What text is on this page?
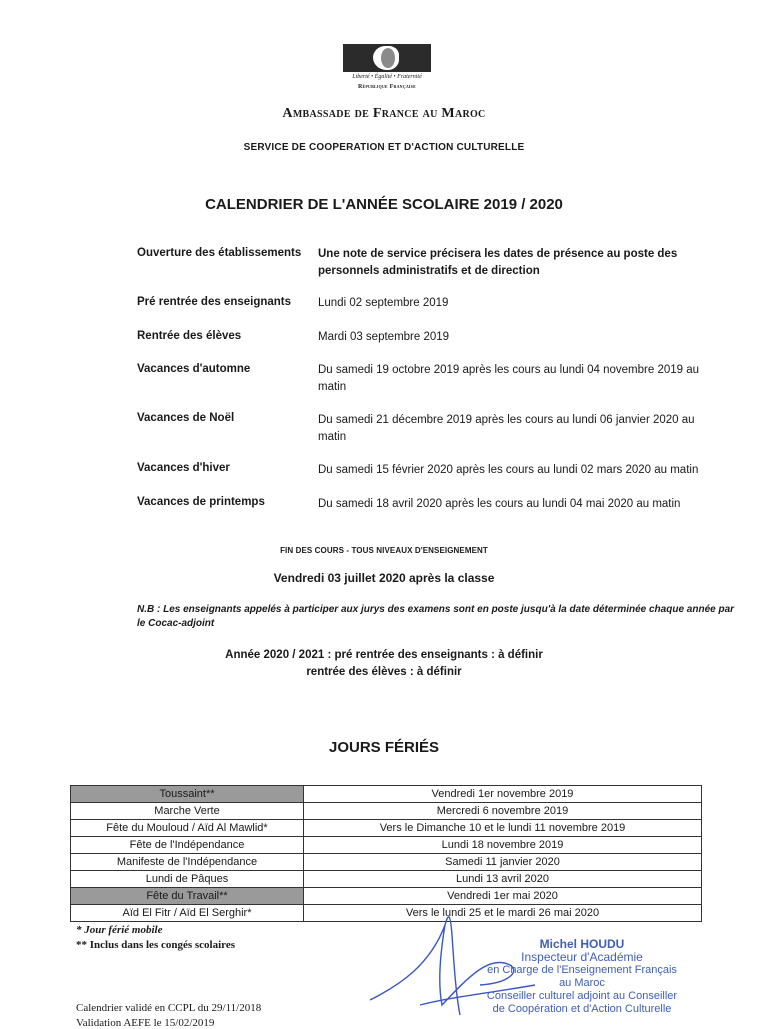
Liberté • Égalité • Fraternité
République Française
Ambassade de France au Maroc
SERVICE DE COOPERATION ET D'ACTION CULTURELLE
CALENDRIER DE L'ANNÉE SCOLAIRE 2019 / 2020
Ouverture des établissements	Une note de service précisera les dates de présence au poste des personnels administratifs et de direction
Pré rentrée des enseignants	Lundi 02 septembre 2019
Rentrée des élèves	Mardi 03 septembre 2019
Vacances d'automne	Du samedi 19 octobre 2019 après les cours au lundi 04 novembre 2019 au matin
Vacances de Noël	Du samedi 21 décembre 2019 après les cours au lundi 06 janvier 2020 au matin
Vacances d'hiver	Du samedi 15 février 2020 après les cours au lundi 02 mars 2020 au matin
Vacances de printemps	Du samedi 18 avril 2020 après les cours au lundi 04 mai 2020 au matin
FIN DES COURS - TOUS NIVEAUX D'ENSEIGNEMENT
Vendredi 03 juillet 2020 après la classe
N.B : Les enseignants appelés à participer aux jurys des examens sont en poste jusqu'à la date déterminée chaque année par le Cocac-adjoint
Année 2020 / 2021 : pré rentrée des enseignants : à définir
rentrée des élèves : à définir
JOURS FÉRIÉS
Toussaint**	Vendredi 1er novembre 2019
Marche Verte	Mercredi 6 novembre 2019
Fête du Mouloud / Aïd Al Mawlid*	Vers le Dimanche 10 et le lundi 11 novembre 2019
Fête de l'Indépendance	Lundi 18 novembre 2019
Manifeste de l'Indépendance	Samedi 11 janvier 2020
Lundi de Pâques	Lundi 13 avril 2020
Fête du Travail**	Vendredi 1er mai 2020
Aïd El Fitr / Aïd El Serghir*	Vers le lundi 25 et le mardi 26 mai 2020
* Jour férié mobile
** Inclus dans les congés scolaires
Calendrier validé en CCPL du 29/11/2018
Validation AEFE le 15/02/2019
Michel HOUDU
Inspecteur d'Académie
en Charge de l'Enseignement Français
au Maroc
Conseiller culturel adjoint au Conseiller
de Coopération et d'Action Culturelle
